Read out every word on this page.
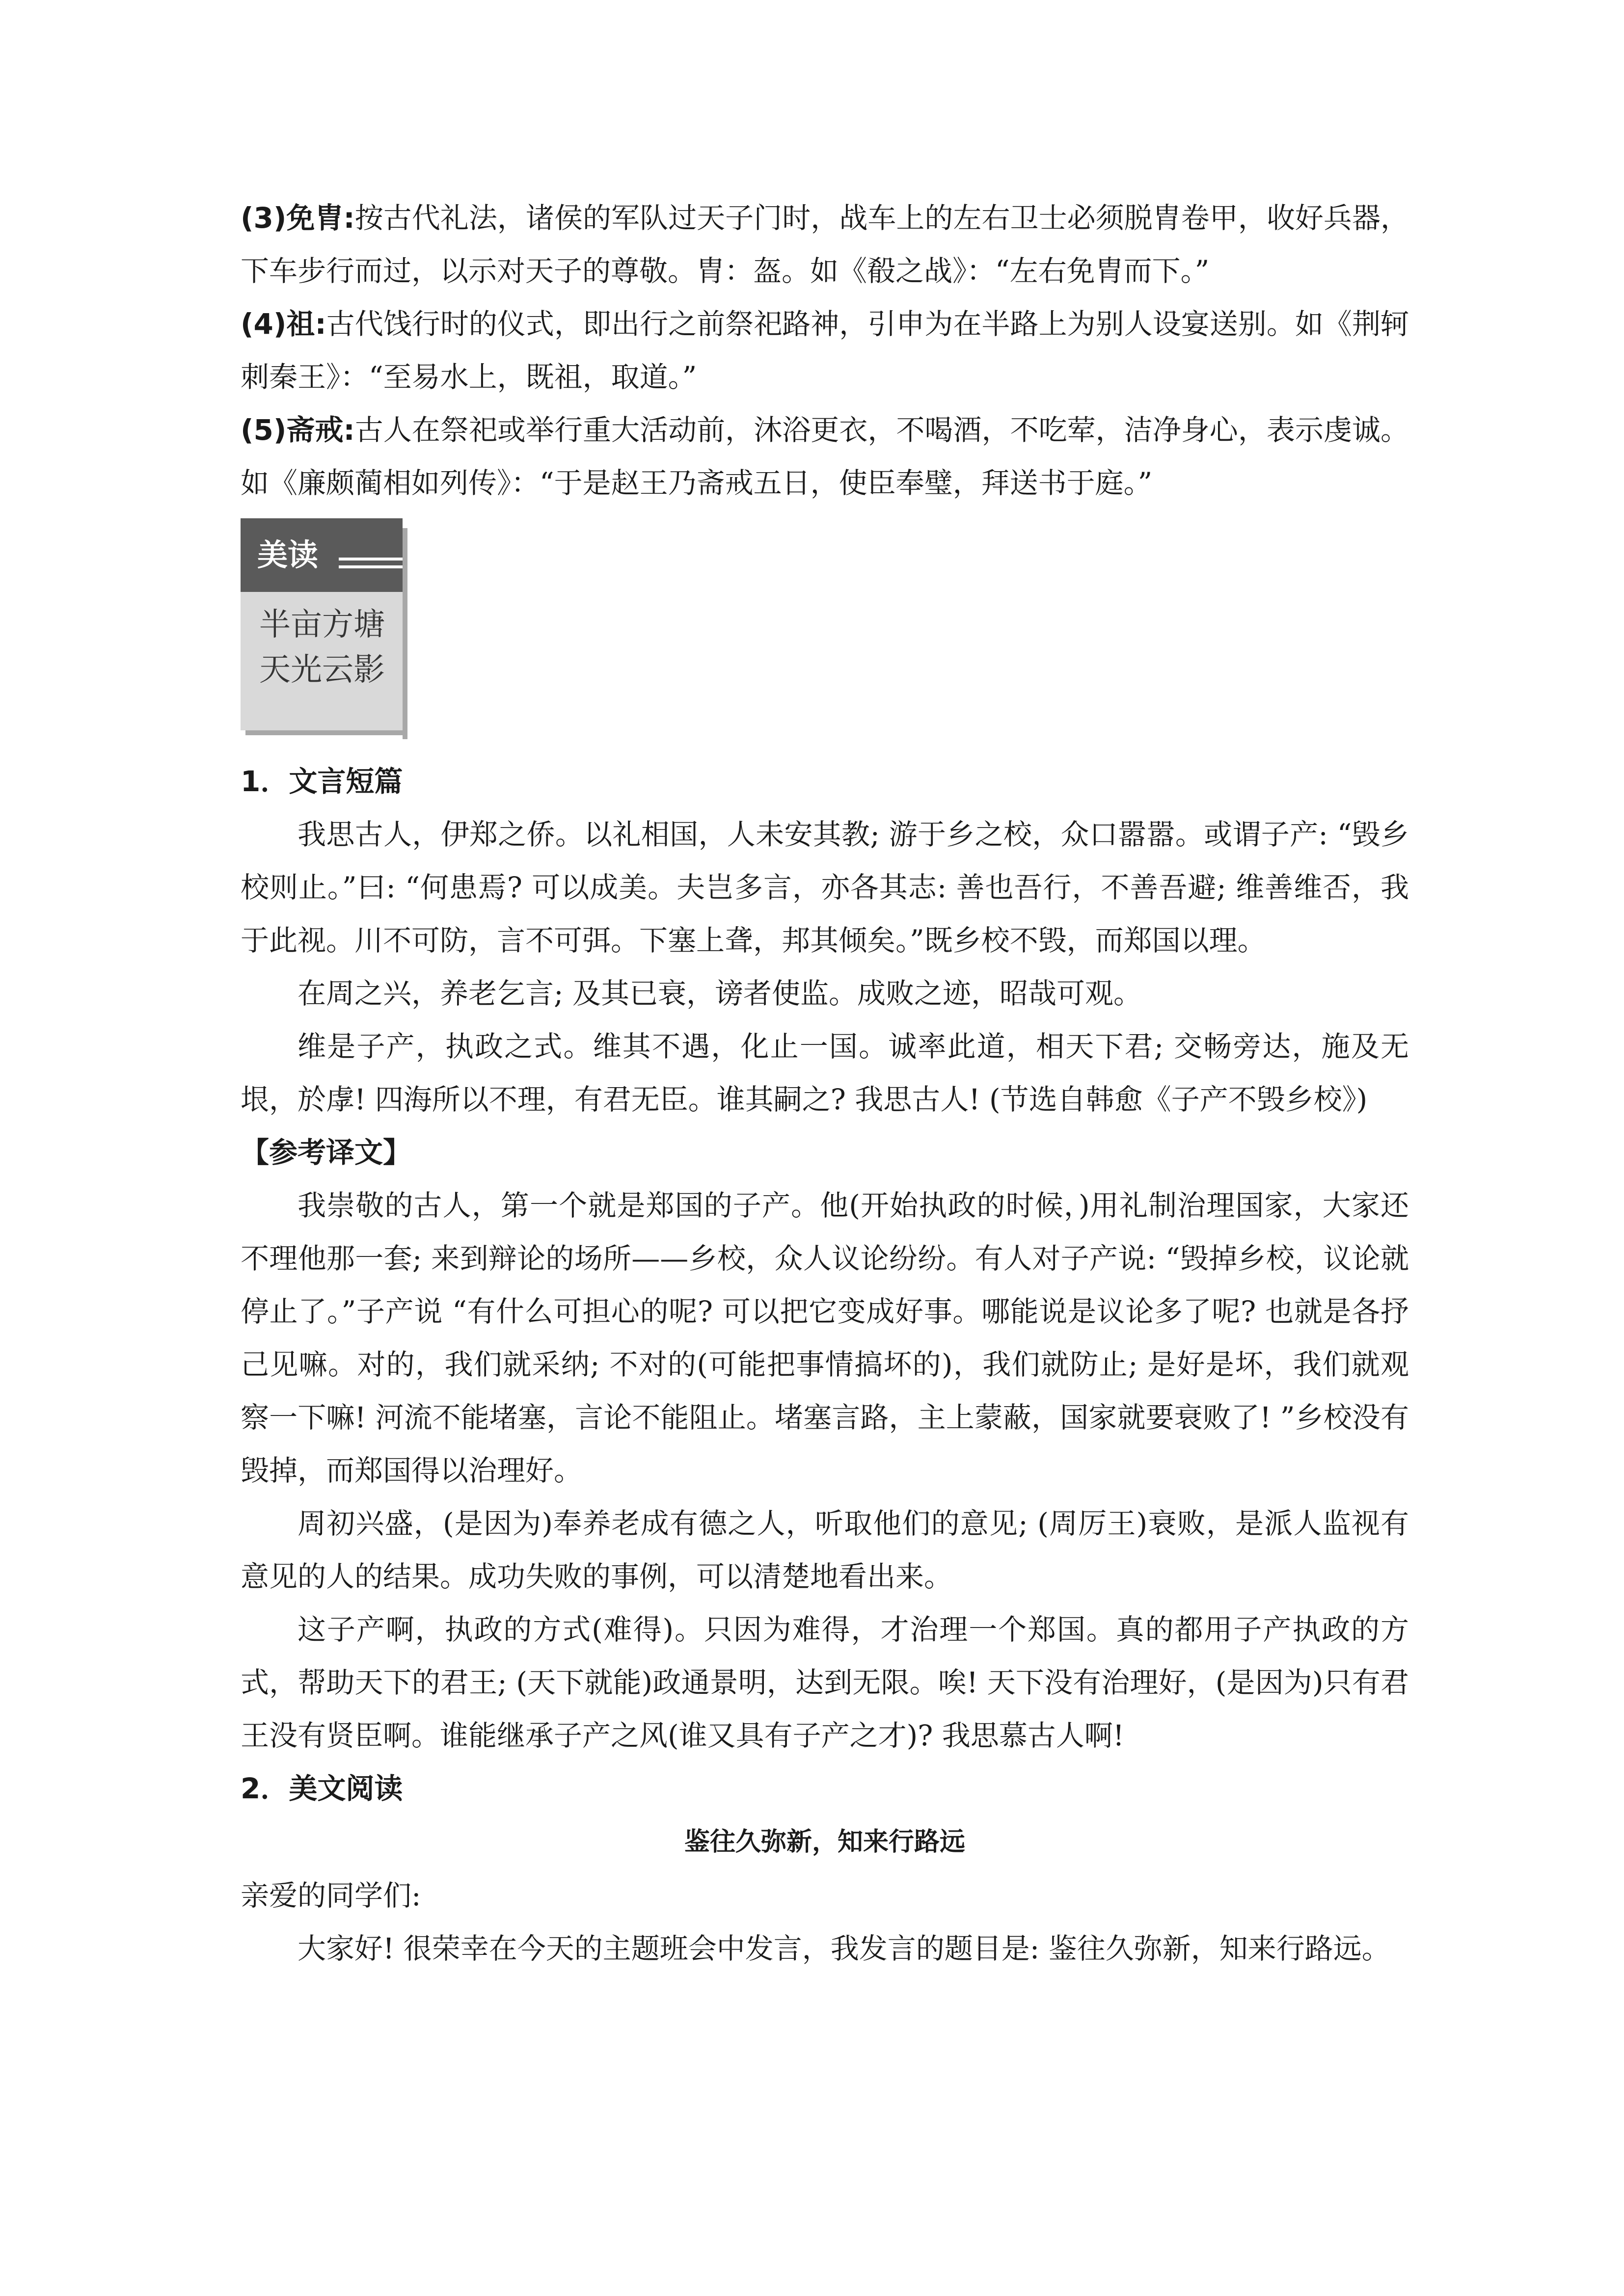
(3)免胄:按古代礼法，诸侯的军队过天子门时，战车上的左右卫士必须脱胄卷甲，收好兵器，下车步行而过，以示对天子的尊敬。胄：盔。如《殽之战》：“左右免胄而下。”

(4)祖:古代饯行时的仪式，即出行之前祭祀路神，引申为在半路上为别人设宴送别。如《荆轲刺秦王》：“至易水上，既祖，取道。”

(5)斋戒:古人在祭祀或举行重大活动前，沐浴更衣，不喝酒，不吃荤，洁净身心，表示虔诚。如《廉颇蔺相如列传》：“于是赵王乃斋戒五日，使臣奉璧，拜送书于庭。”

美读
半亩方塘
天光云影

1．文言短篇

我思古人，伊郑之侨。以礼相国，人未安其教; 游于乡之校，众口嚣嚣。或谓子产: “毁乡校则止。”曰: “何患焉? 可以成美。夫岂多言，亦各其志: 善也吾行，不善吾避; 维善维否，我于此视。川不可防，言不可弭。下塞上聋，邦其倾矣。”既乡校不毁，而郑国以理。

在周之兴，养老乞言; 及其已衰，谤者使监。成败之迹，昭哉可观。

维是子产，执政之式。维其不遇，化止一国。诚率此道，相天下君; 交畅旁达，施及无垠，於虖! 四海所以不理，有君无臣。谁其嗣之? 我思古人! (节选自韩愈《子产不毁乡校》)

【参考译文】

我崇敬的古人，第一个就是郑国的子产。他(开始执政的时候，)用礼制治理国家，大家还不理他那一套; 来到辩论的场所——乡校，众人议论纷纷。有人对子产说: “毁掉乡校，议论就停止了。”子产说 “有什么可担心的呢? 可以把它变成好事。哪能说是议论多了呢? 也就是各抒己见嘛。对的，我们就采纳; 不对的(可能把事情搞坏的)，我们就防止; 是好是坏，我们就观察一下嘛! 河流不能堵塞，言论不能阻止。堵塞言路，主上蒙蔽，国家就要衰败了! ”乡校没有毁掉，而郑国得以治理好。

周初兴盛，(是因为)奉养老成有德之人，听取他们的意见; (周厉王)衰败，是派人监视有意见的人的结果。成功失败的事例，可以清楚地看出来。

这子产啊，执政的方式(难得)。只因为难得，才治理一个郑国。真的都用子产执政的方式，帮助天下的君王; (天下就能)政通景明，达到无限。唉! 天下没有治理好，(是因为)只有君王没有贤臣啊。谁能继承子产之风(谁又具有子产之才)? 我思慕古人啊!

2．美文阅读

鉴往久弥新，知来行路远

亲爱的同学们:

大家好! 很荣幸在今天的主题班会中发言，我发言的题目是: 鉴往久弥新，知来行路远。
